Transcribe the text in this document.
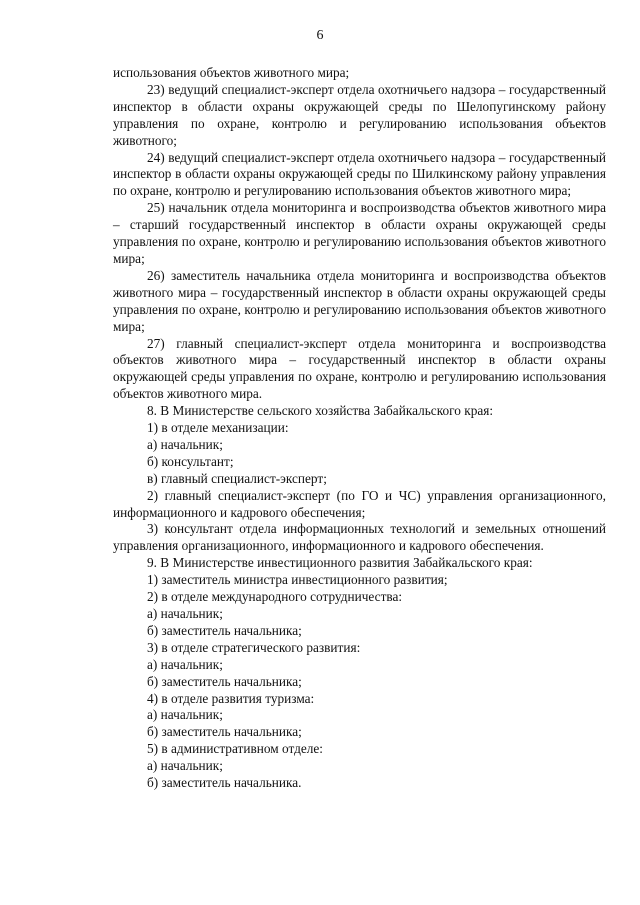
6

использования объектов животного мира;

23) ведущий специалист-эксперт отдела охотничьего надзора – государственный инспектор в области охраны окружающей среды по Шелопугинскому району управления по охране, контролю и регулированию использования объектов животного;

24) ведущий специалист-эксперт отдела охотничьего надзора – государственный инспектор в области охраны окружающей среды по Шилкинскому району управления по охране, контролю и регулированию использования объектов животного мира;

25) начальник отдела мониторинга и воспроизводства объектов животного мира – старший государственный инспектор в области охраны окружающей среды управления по охране, контролю и регулированию использования объектов животного мира;

26) заместитель начальника отдела мониторинга и воспроизводства объектов животного мира – государственный инспектор в области охраны окружающей среды управления по охране, контролю и регулированию использования объектов животного мира;

27) главный специалист-эксперт отдела мониторинга и воспроизводства объектов животного мира – государственный инспектор в области охраны окружающей среды управления по охране, контролю и регулированию использования объектов животного мира.

8. В Министерстве сельского хозяйства Забайкальского края:

1) в отделе механизации:

а) начальник;

б) консультант;

в) главный специалист-эксперт;

2) главный специалист-эксперт (по ГО и ЧС) управления организационного, информационного и кадрового обеспечения;

3) консультант отдела информационных технологий и земельных отношений управления организационного, информационного и кадрового обеспечения.

9. В Министерстве инвестиционного развития Забайкальского края:

1) заместитель министра инвестиционного развития;

2) в отделе международного сотрудничества:

а) начальник;

б) заместитель начальника;

3) в отделе стратегического развития:

а) начальник;

б) заместитель начальника;

4) в отделе развития туризма:

а) начальник;

б) заместитель начальника;

5) в административном отделе:

а) начальник;

б) заместитель начальника.
